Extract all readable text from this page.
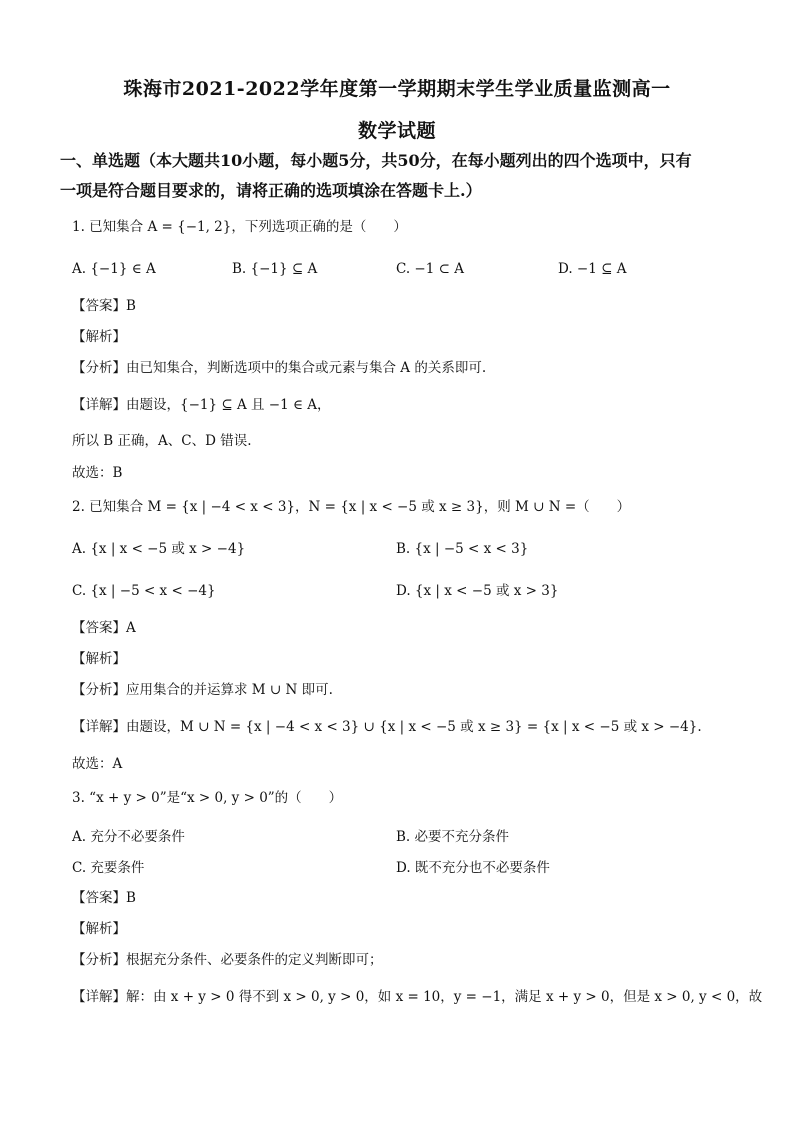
珠海市2021-2022学年度第一学期期末学生学业质量监测高一
数学试题
一、单选题（本大题共10小题，每小题5分，共50分，在每小题列出的四个选项中，只有
一项是符合题目要求的，请将正确的选项填涂在答题卡上.）
1. 已知集合 A = {−1, 2}，下列选项正确的是（　　）
A. {−1} ∈ A	B. {−1} ⊆ A	C. −1 ⊂ A	D. −1 ⊆ A
【答案】B
【解析】
【分析】由已知集合，判断选项中的集合或元素与集合 A 的关系即可.
【详解】由题设，{−1} ⊆ A 且 −1 ∈ A，
所以 B 正确，A、C、D 错误.
故选：B
2. 已知集合 M = {x | −4 < x < 3}，N = {x | x < −5 或 x ≥ 3}，则 M ∪ N =（　　）
A. {x | x < −5 或 x > −4}	B. {x | −5 < x < 3}
C. {x | −5 < x < −4}	D. {x | x < −5 或 x > 3}
【答案】A
【解析】
【分析】应用集合的并运算求 M ∪ N 即可.
【详解】由题设，M ∪ N = {x | −4 < x < 3} ∪ {x | x < −5 或 x ≥ 3} = {x | x < −5 或 x > −4}.
故选：A
3. “x + y > 0”是“x > 0, y > 0”的（　　）
A. 充分不必要条件	B. 必要不充分条件
C. 充要条件	D. 既不充分也不必要条件
【答案】B
【解析】
【分析】根据充分条件、必要条件的定义判断即可；
【详解】解：由 x + y > 0 得不到 x > 0, y > 0，如 x = 10，y = −1，满足 x + y > 0，但是 x > 0, y < 0，故
